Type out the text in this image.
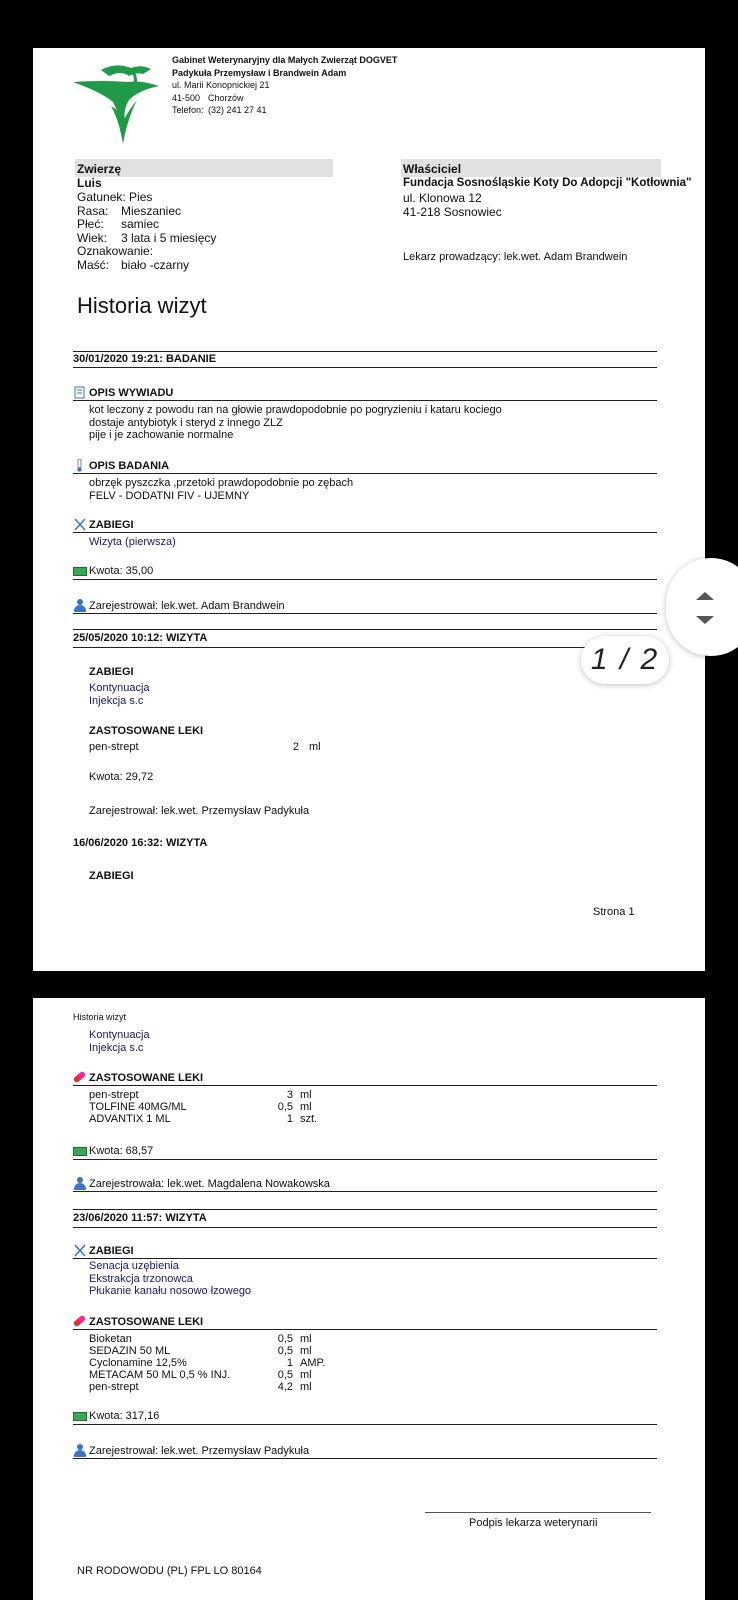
Gabinet Weterynaryjny dla Małych Zwierząt DOGVET
Padykuła Przemysław i Brandwein Adam
ul. Marii Konopnickiej 21
41-500 Chorzów
Telefon: (32) 241 27 41
Zwierzę
Luis
Gatunek: Pies
Rasa: Mieszaniec
Płeć: samiec
Wiek: 3 lata i 5 miesięcy
Oznakowanie:
Maść: biało -czarny
Właściciel
Fundacja Sosnośląskie Koty Do Adopcji "Kotłownia"
ul. Klonowa 12
41-218 Sosnowiec
Lekarz prowadzący: lek.wet. Adam Brandwein
Historia wizyt
30/01/2020 19:21: BADANIE
OPIS WYWIADU
kot leczony z powodu ran na głowie prawdopodobnie po pogryzieniu i kataru kociego
dostaje antybiotyk i steryd z innego ZLZ
pije i je zachowanie normalne
OPIS BADANIA
obrzęk pyszczka ,przetoki prawdopodobnie po zębach
FELV - DODATNI FIV - UJEMNY
ZABIEGI
Wizyta (pierwsza)
Kwota: 35,00
Zarejestrował: lek.wet. Adam Brandwein
25/05/2020 10:12: WIZYTA
ZABIEGI
Kontynuacja
Injekcja s.c
ZASTOSOWANE LEKI
pen-strept	2 ml
Kwota: 29,72
Zarejestrował: lek.wet. Przemysław Padykuła
16/06/2020 16:32: WIZYTA
ZABIEGI
Strona 1
1 / 2
Historia wizyt
Kontynuacja
Injekcja s.c
ZASTOSOWANE LEKI
pen-strept	3 ml
TOLFINE 40MG/ML	0,5 ml
ADVANTIX 1 ML	1 szt.
Kwota: 68,57
Zarejestrowała: lek.wet. Magdalena Nowakowska
23/06/2020 11:57: WIZYTA
ZABIEGI
Senacja uzębienia
Ekstrakcja trzonowca
Płukanie kanału nosowo łzowego
ZASTOSOWANE LEKI
Bioketan	0,5 ml
SEDAZIN 50 ML	0,5 ml
Cyclonamine 12,5%	1 AMP.
METACAM 50 ML 0,5 % INJ.	0,5 ml
pen-strept	4,2 ml
Kwota: 317,16
Zarejestrował: lek.wet. Przemysław Padykuła
Podpis lekarza weterynarii
NR RODOWODU (PL) FPL LO 80164
